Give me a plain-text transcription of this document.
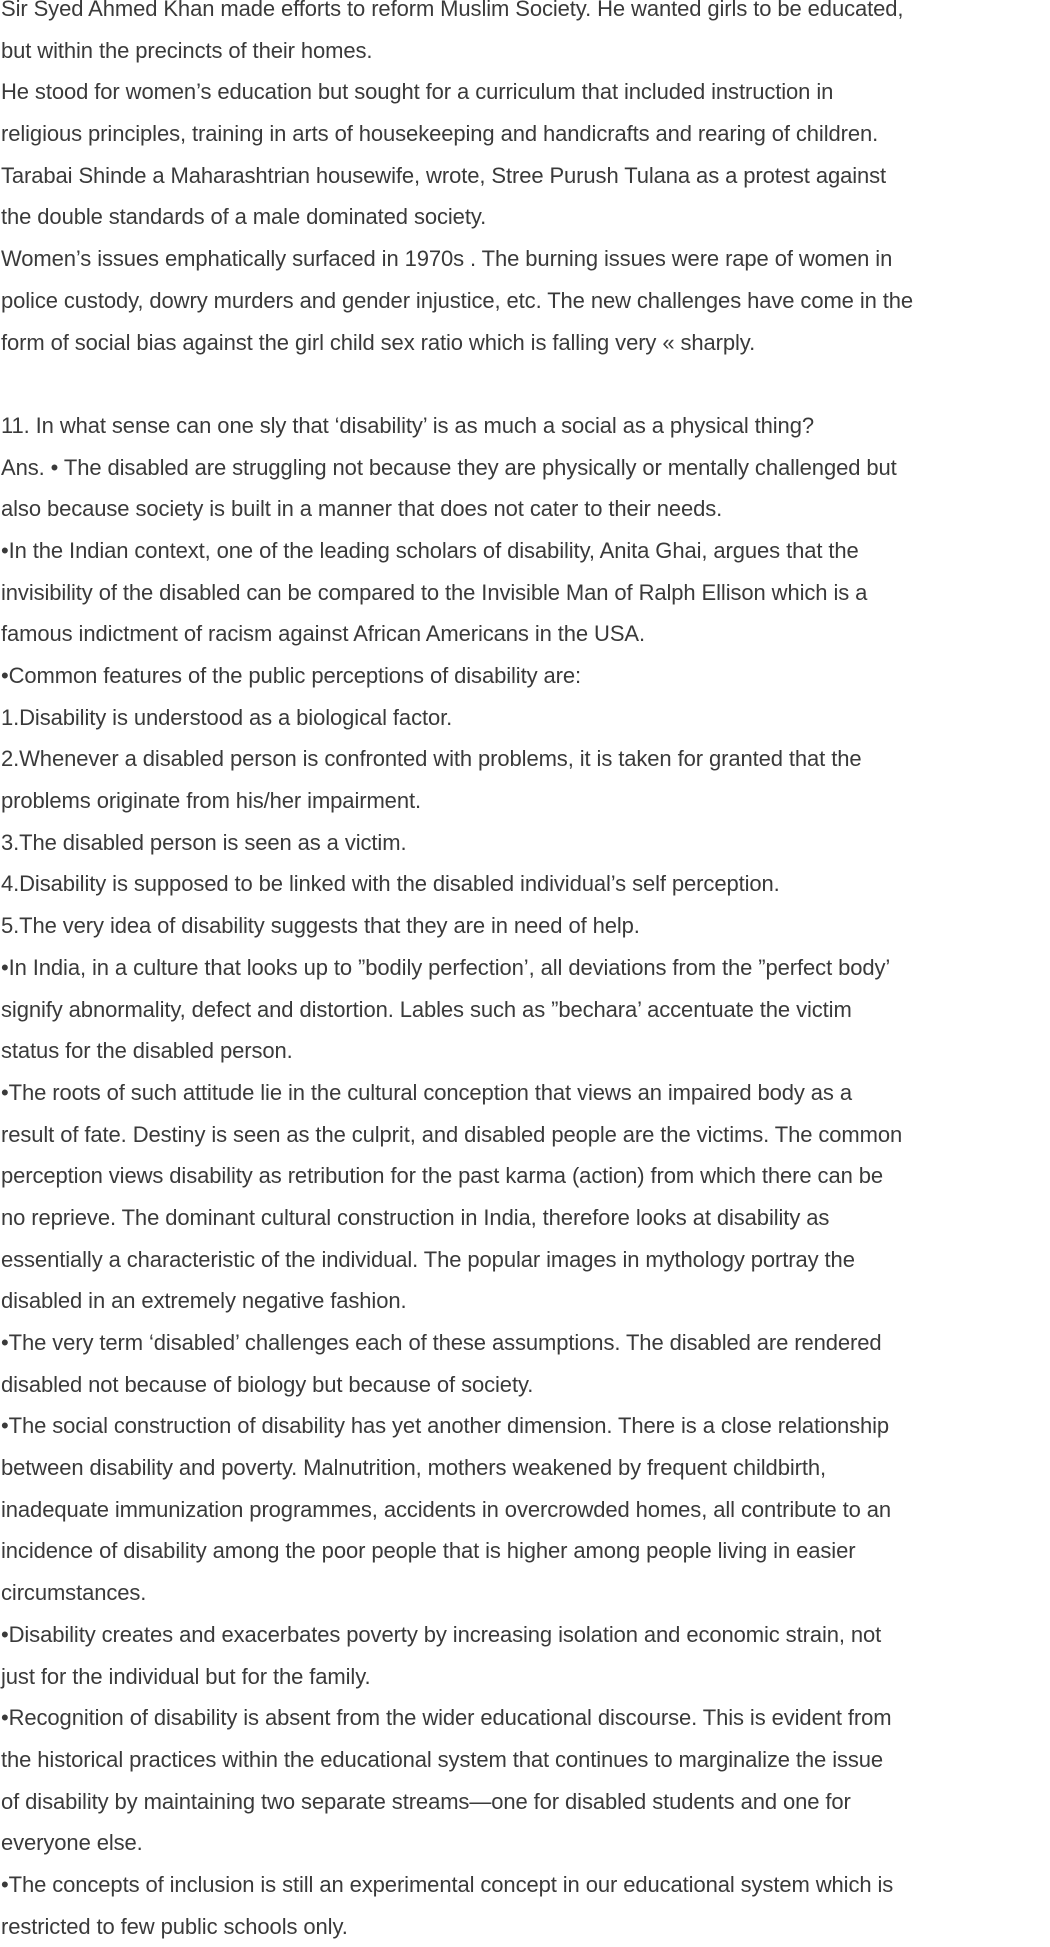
Sir Syed Ahmed Khan made efforts to reform Muslim Society. He wanted girls to be educated,

but within the precincts of their homes.

He stood for women’s education but sought for a curriculum that included instruction in

religious principles, training in arts of housekeeping and handicrafts and rearing of children.

Tarabai Shinde a Maharashtrian housewife, wrote, Stree Purush Tulana as a protest against

the double standards of a male dominated society.

Women’s issues emphatically surfaced in 1970s . The burning issues were rape of women in

police custody, dowry murders and gender injustice, etc. The new challenges have come in the

form of social bias against the girl child sex ratio which is falling very « sharply.

11. In what sense can one sly that ‘disability’ is as much a social as a physical thing?

Ans. • The disabled are struggling not because they are physically or mentally challenged but

also because society is built in a manner that does not cater to their needs.

•In the Indian context, one of the leading scholars of disability, Anita Ghai, argues that the

invisibility of the disabled can be compared to the Invisible Man of Ralph Ellison which is a

famous indictment of racism against African Americans in the USA.

•Common features of the public perceptions of disability are:

1.Disability is understood as a biological factor.

2.Whenever a disabled person is confronted with problems, it is taken for granted that the

problems originate from his/her impairment.

3.The disabled person is seen as a victim.

4.Disability is supposed to be linked with the disabled individual’s self perception.

5.The very idea of disability suggests that they are in need of help.

•In India, in a culture that looks up to ”bodily perfection’, all deviations from the ”perfect body’

signify abnormality, defect and distortion. Lables such as ”bechara’ accentuate the victim

status for the disabled person.

•The roots of such attitude lie in the cultural conception that views an impaired body as a

result of fate. Destiny is seen as the culprit, and disabled people are the victims. The common

perception views disability as retribution for the past karma (action) from which there can be

no reprieve. The dominant cultural construction in India, therefore looks at disability as

essentially a characteristic of the individual. The popular images in mythology portray the

disabled in an extremely negative fashion.

•The very term ‘disabled’ challenges each of these assumptions. The disabled are rendered

disabled not because of biology but because of society.

•The social construction of disability has yet another dimension. There is a close relationship

between disability and poverty. Malnutrition, mothers weakened by frequent childbirth,

inadequate immunization programmes, accidents in overcrowded homes, all contribute to an

incidence of disability among the poor people that is higher among people living in easier

circumstances.

•Disability creates and exacerbates poverty by increasing isolation and economic strain, not

just for the individual but for the family.

•Recognition of disability is absent from the wider educational discourse. This is evident from

the historical practices within the educational system that continues to marginalize the issue

of disability by maintaining two separate streams—one for disabled students and one for

everyone else.

•The concepts of inclusion is still an experimental concept in our educational system which is

restricted to few public schools only.
